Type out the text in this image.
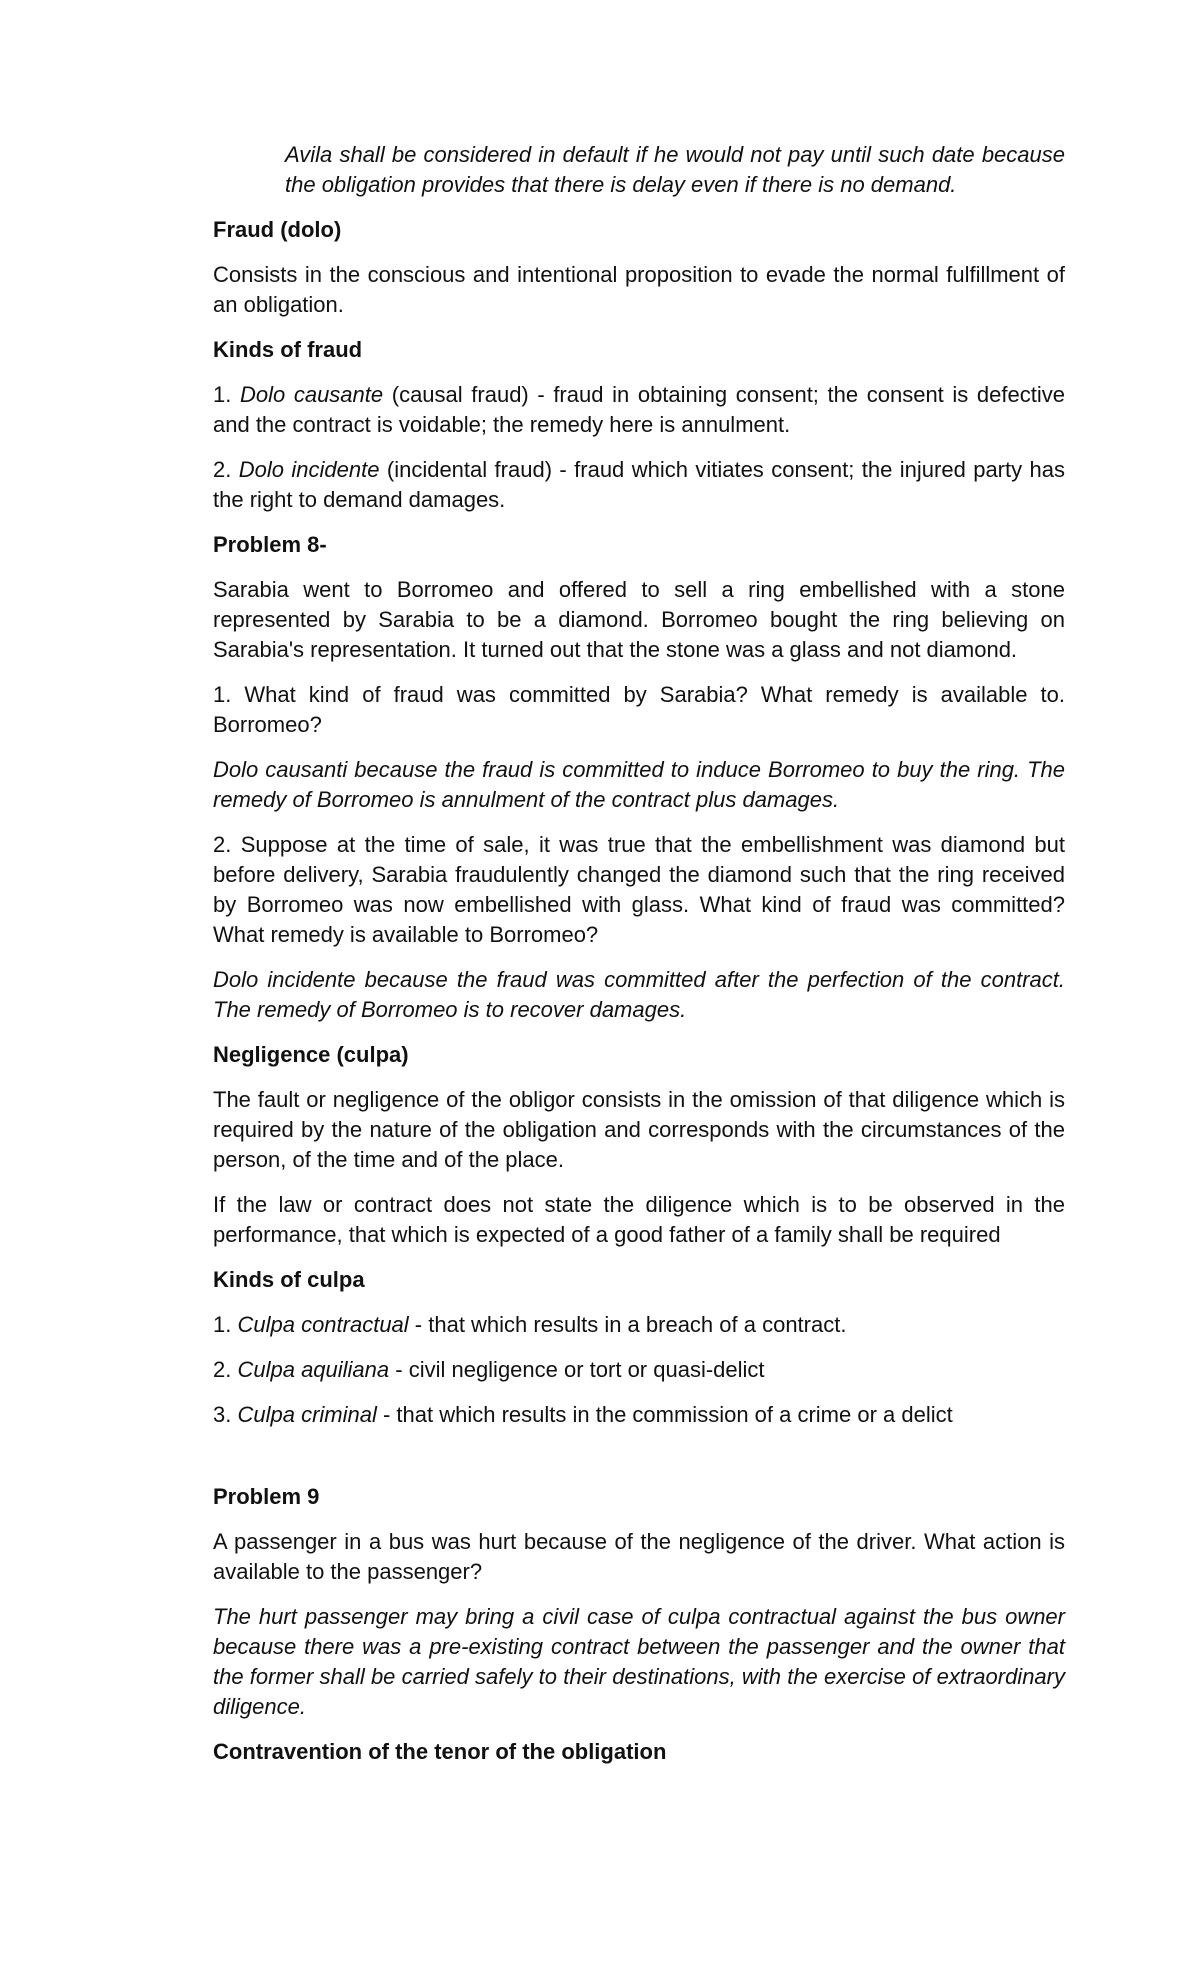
Avila shall be considered in default if he would not pay until such date because the obligation provides that there is delay even if there is no demand.

Fraud (dolo)

Consists in the conscious and intentional proposition to evade the normal fulfillment of an obligation.

Kinds of fraud

1. Dolo causante (causal fraud) - fraud in obtaining consent; the consent is defective and the contract is voidable; the remedy here is annulment.

2. Dolo incidente (incidental fraud) - fraud which vitiates consent; the injured party has the right to demand damages.

Problem 8-

Sarabia went to Borromeo and offered to sell a ring embellished with a stone represented by Sarabia to be a diamond. Borromeo bought the ring believing on Sarabia's representation. It turned out that the stone was a glass and not diamond.

1. What kind of fraud was committed by Sarabia? What remedy is available to. Borromeo?

Dolo causanti because the fraud is committed to induce Borromeo to buy the ring. The remedy of Borromeo is annulment of the contract plus damages.

2. Suppose at the time of sale, it was true that the embellishment was diamond but before delivery, Sarabia fraudulently changed the diamond such that the ring received by Borromeo was now embellished with glass. What kind of fraud was committed? What remedy is available to Borromeo?

Dolo incidente because the fraud was committed after the perfection of the contract. The remedy of Borromeo is to recover damages.

Negligence (culpa)

The fault or negligence of the obligor consists in the omission of that diligence which is required by the nature of the obligation and corresponds with the circumstances of the person, of the time and of the place.

If the law or contract does not state the diligence which is to be observed in the performance, that which is expected of a good father of a family shall be required

Kinds of culpa

1. Culpa contractual - that which results in a breach of a contract.

2. Culpa aquiliana - civil negligence or tort or quasi-delict

3. Culpa criminal - that which results in the commission of a crime or a delict

Problem 9

A passenger in a bus was hurt because of the negligence of the driver. What action is available to the passenger?

The hurt passenger may bring a civil case of culpa contractual against the bus owner because there was a pre-existing contract between the passenger and the owner that the former shall be carried safely to their destinations, with the exercise of extraordinary diligence.

Contravention of the tenor of the obligation
